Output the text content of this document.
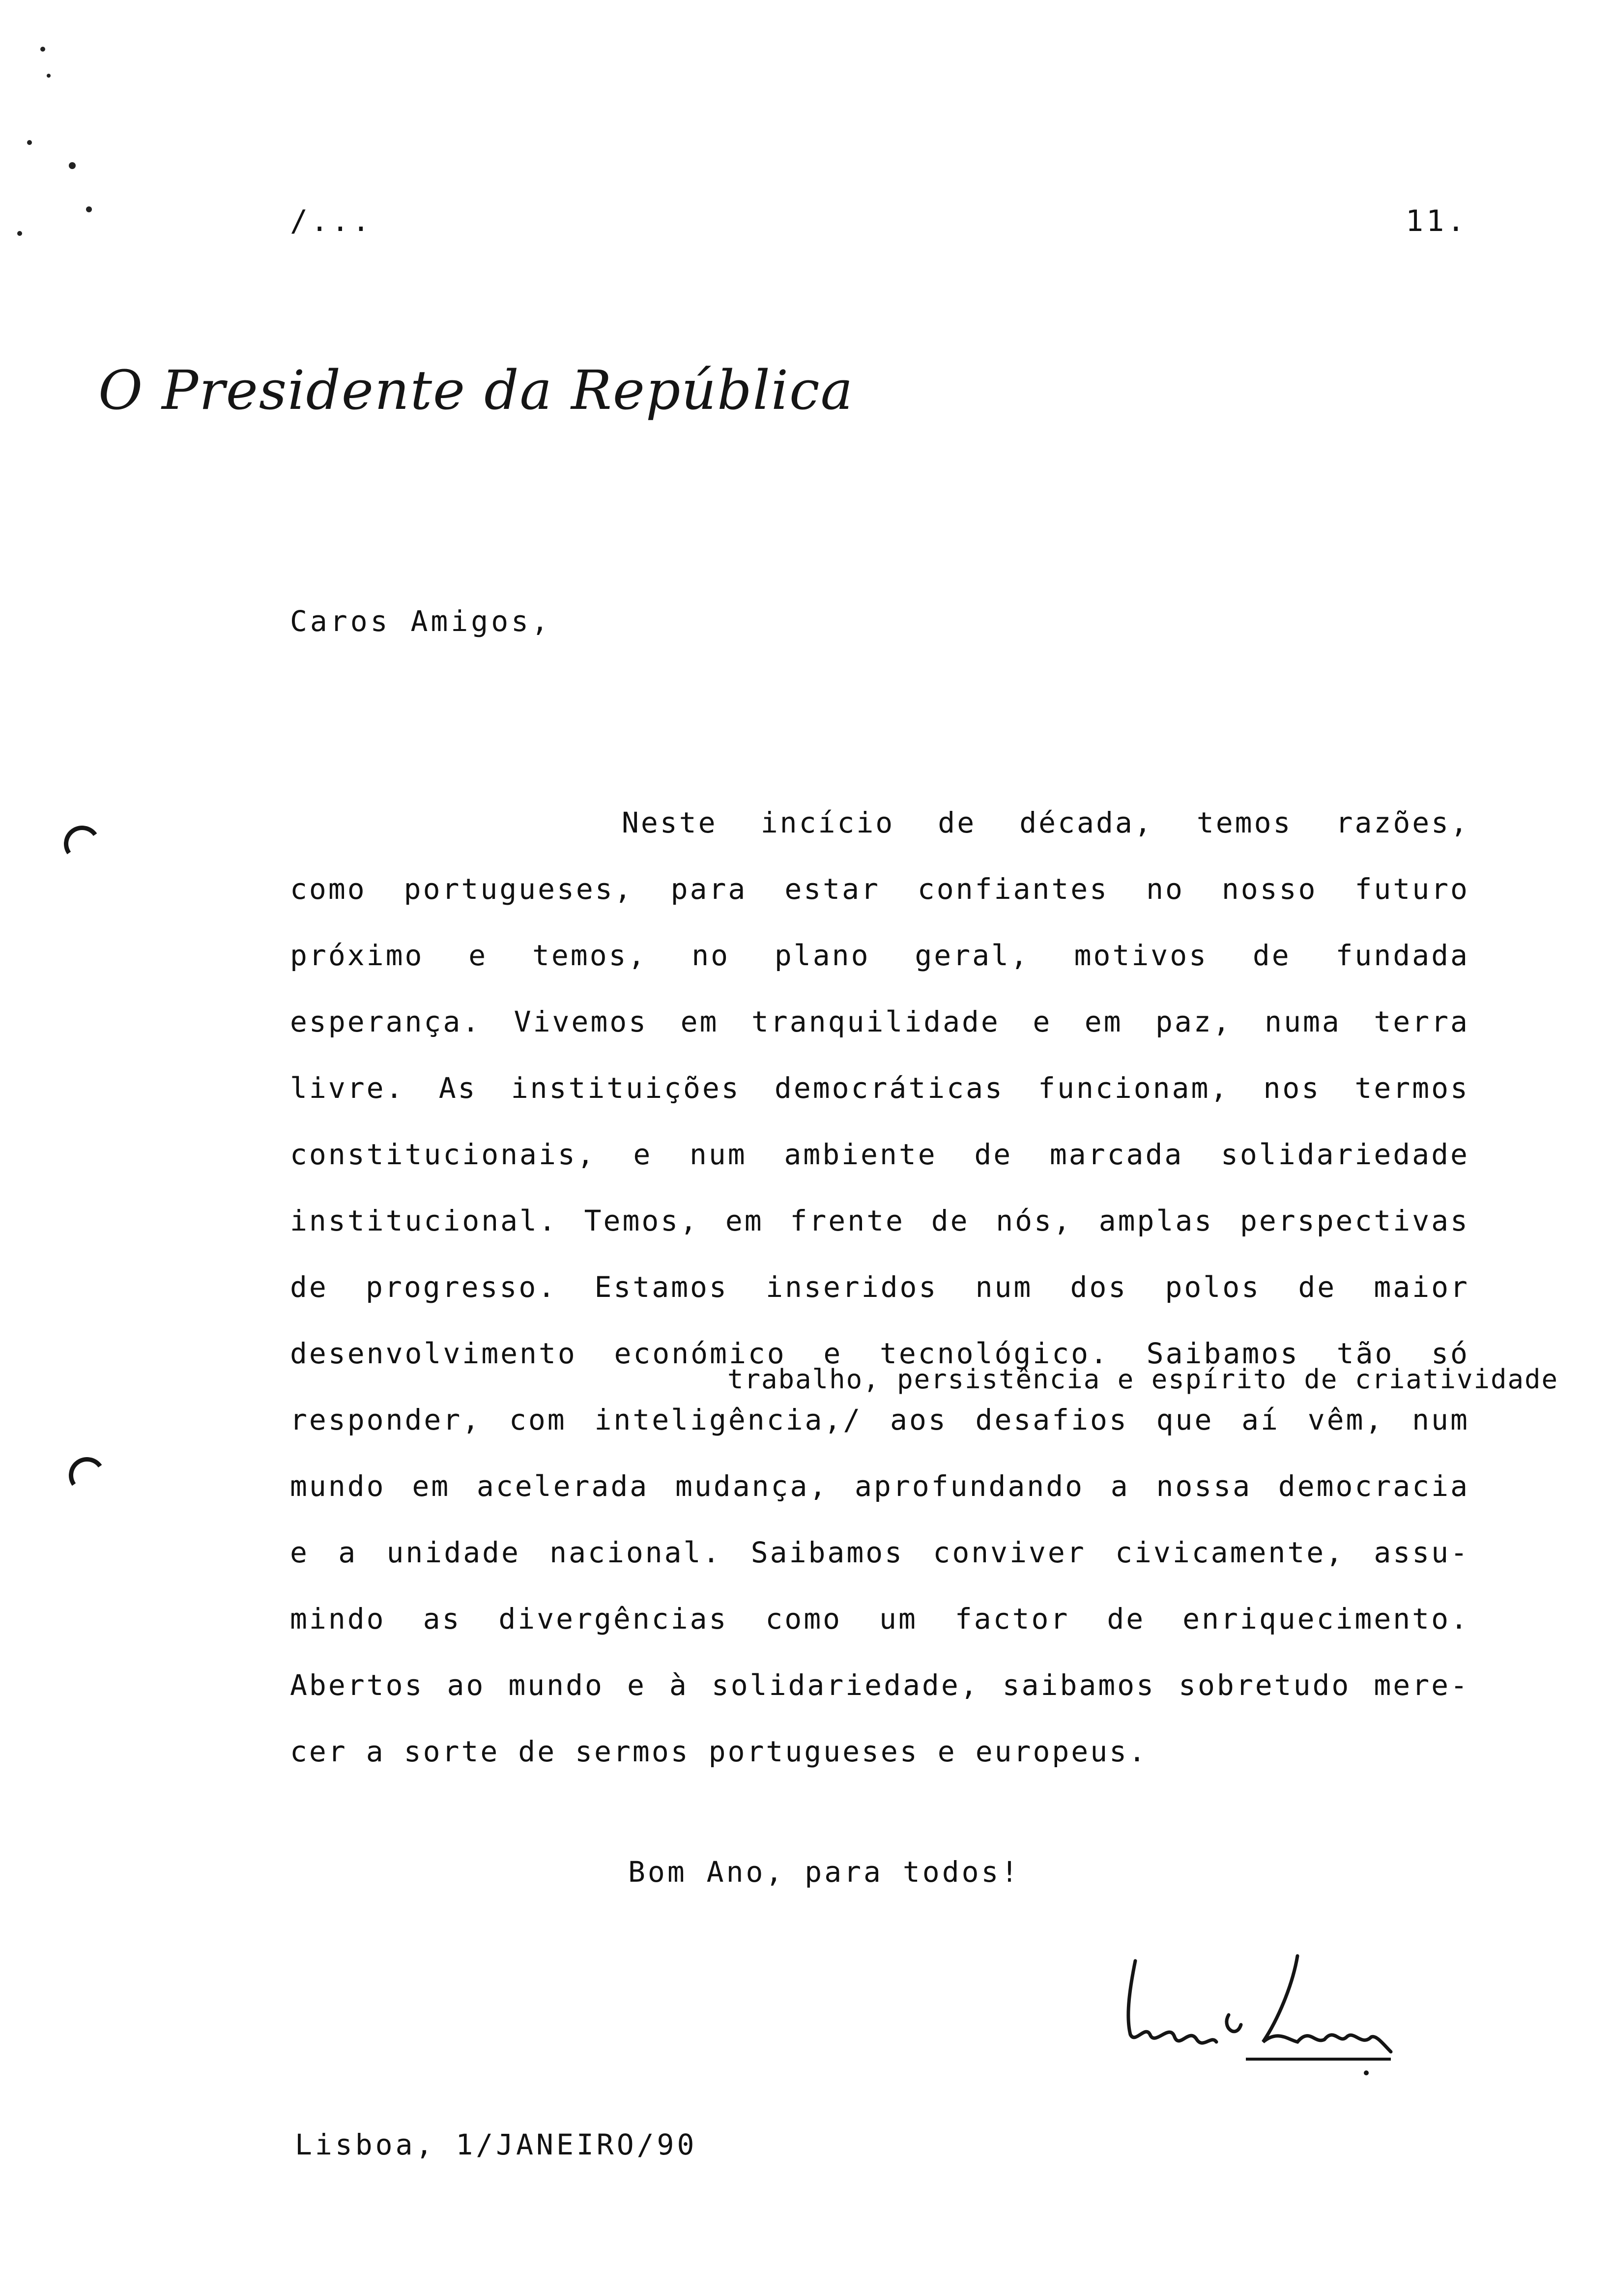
/...	11.
O Presidente da República
Caros Amigos,
Neste incício de década, temos razões,
como portugueses, para estar confiantes no nosso futuro
próximo e temos, no plano geral, motivos de fundada
esperança. Vivemos em tranquilidade e em paz, numa terra
livre. As instituições democráticas funcionam, nos termos
constitucionais, e num ambiente de marcada solidariedade
institucional. Temos, em frente de nós, amplas perspectivas
de progresso. Estamos inseridos num dos polos de maior
desenvolvimento económico e tecnológico. Saibamos tão só
responder, com inteligência,/ aos desafios que aí vêm, num
mundo em acelerada mudança, aprofundando a nossa democracia
e a unidade nacional. Saibamos conviver civicamente, assu-
mindo as divergências como um factor de enriquecimento.
Abertos ao mundo e à solidariedade, saibamos sobretudo mere-
cer a sorte de sermos portugueses e europeus.
trabalho, persistência e espírito de criatividade
Bom Ano, para todos!
Lisboa, 1/JANEIRO/90
